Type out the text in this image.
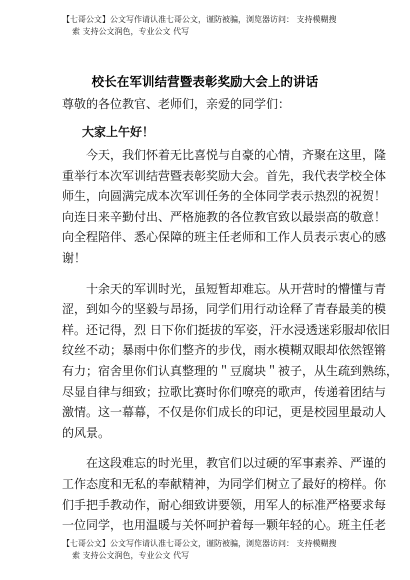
【七哥公文】公文写作请认准七哥公文，谨防被骗，浏览器访问： 支持模糊搜
索 支持公文润色，专业公文 代写
校长在军训结营暨表彰奖励大会上的讲话
尊敬的各位教官、老师们，亲爱的同学们：
大家上午好！
今天，我们怀着无比喜悦与自豪的心情，齐聚在这里，隆
重举行本次军训结营暨表彰奖励大会。首先，我代表学校全体
师生，向圆满完成本次军训任务的全体同学表示热烈的祝贺！
向连日来辛勤付出、严格施教的各位教官致以最崇高的敬意！
向全程陪伴、悉心保障的班主任老师和工作人员表示衷心的感
谢！
十余天的军训时光，虽短暂却难忘。从开营时的懵懂与青
涩，到如今的坚毅与昂扬，同学们用行动诠释了青春最美的模
样。还记得，烈 日下你们挺拔的军姿，汗水浸透迷彩服却依旧
纹丝不动；暴雨中你们整齐的步伐，雨水模糊双眼却依然铿锵
有力；宿舍里你们认真整理的＂豆腐块＂被子，从生疏到熟练，
尽显自律与细致；拉歌比赛时你们嘹亮的歌声，传递着团结与
激情。这一幕幕，不仅是你们成长的印记，更是校园里最动人
的风景。
在这段难忘的时光里，教官们以过硬的军事素养、严谨的
工作态度和无私的奉献精神，为同学们树立了最好的榜样。你
们手把手教动作，耐心细致讲要领，用军人的标准严格要求每
一位同学，也用温暖与关怀呵护着每一颗年轻的心。班主任老
【七哥公文】公文写作请认准七哥公文，谨防被骗，浏览器访问： 支持模糊搜
索 支持公文润色，专业公文 代写
